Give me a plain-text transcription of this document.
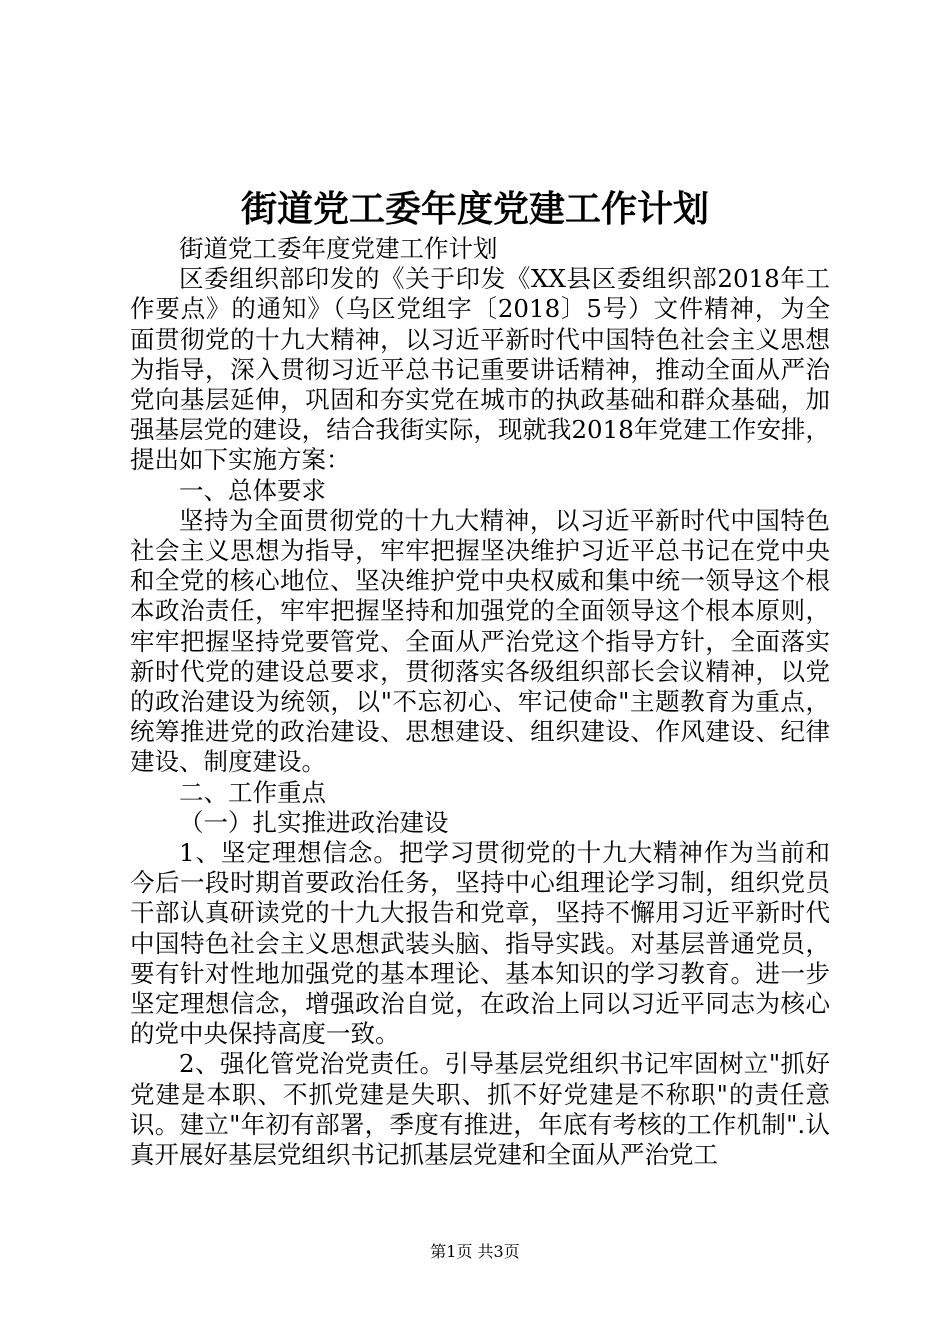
街道党工委年度党建工作计划

街道党工委年度党建工作计划

区委组织部印发的《关于印发《XX县区委组织部2018年工作要点》的通知》（乌区党组字〔2018〕5号）文件精神，为全面贯彻党的十九大精神，以习近平新时代中国特色社会主义思想为指导，深入贯彻习近平总书记重要讲话精神，推动全面从严治党向基层延伸，巩固和夯实党在城市的执政基础和群众基础，加强基层党的建设，结合我街实际，现就我2018年党建工作安排，提出如下实施方案：

一、总体要求

坚持为全面贯彻党的十九大精神，以习近平新时代中国特色社会主义思想为指导，牢牢把握坚决维护习近平总书记在党中央和全党的核心地位、坚决维护党中央权威和集中统一领导这个根本政治责任，牢牢把握坚持和加强党的全面领导这个根本原则，牢牢把握坚持党要管党、全面从严治党这个指导方针，全面落实新时代党的建设总要求，贯彻落实各级组织部长会议精神，以党的政治建设为统领，以"不忘初心、牢记使命"主题教育为重点，统筹推进党的政治建设、思想建设、组织建设、作风建设、纪律建设、制度建设。

二、工作重点

（一）扎实推进政治建设

1、坚定理想信念。把学习贯彻党的十九大精神作为当前和今后一段时期首要政治任务，坚持中心组理论学习制，组织党员干部认真研读党的十九大报告和党章，坚持不懈用习近平新时代中国特色社会主义思想武装头脑、指导实践。对基层普通党员，要有针对性地加强党的基本理论、基本知识的学习教育。进一步坚定理想信念，增强政治自觉，在政治上同以习近平同志为核心的党中央保持高度一致。

2、强化管党治党责任。引导基层党组织书记牢固树立"抓好党建是本职、不抓党建是失职、抓不好党建是不称职"的责任意识。建立"年初有部署，季度有推进，年底有考核的工作机制".认真开展好基层党组织书记抓基层党建和全面从严治党工

第1页 共3页
